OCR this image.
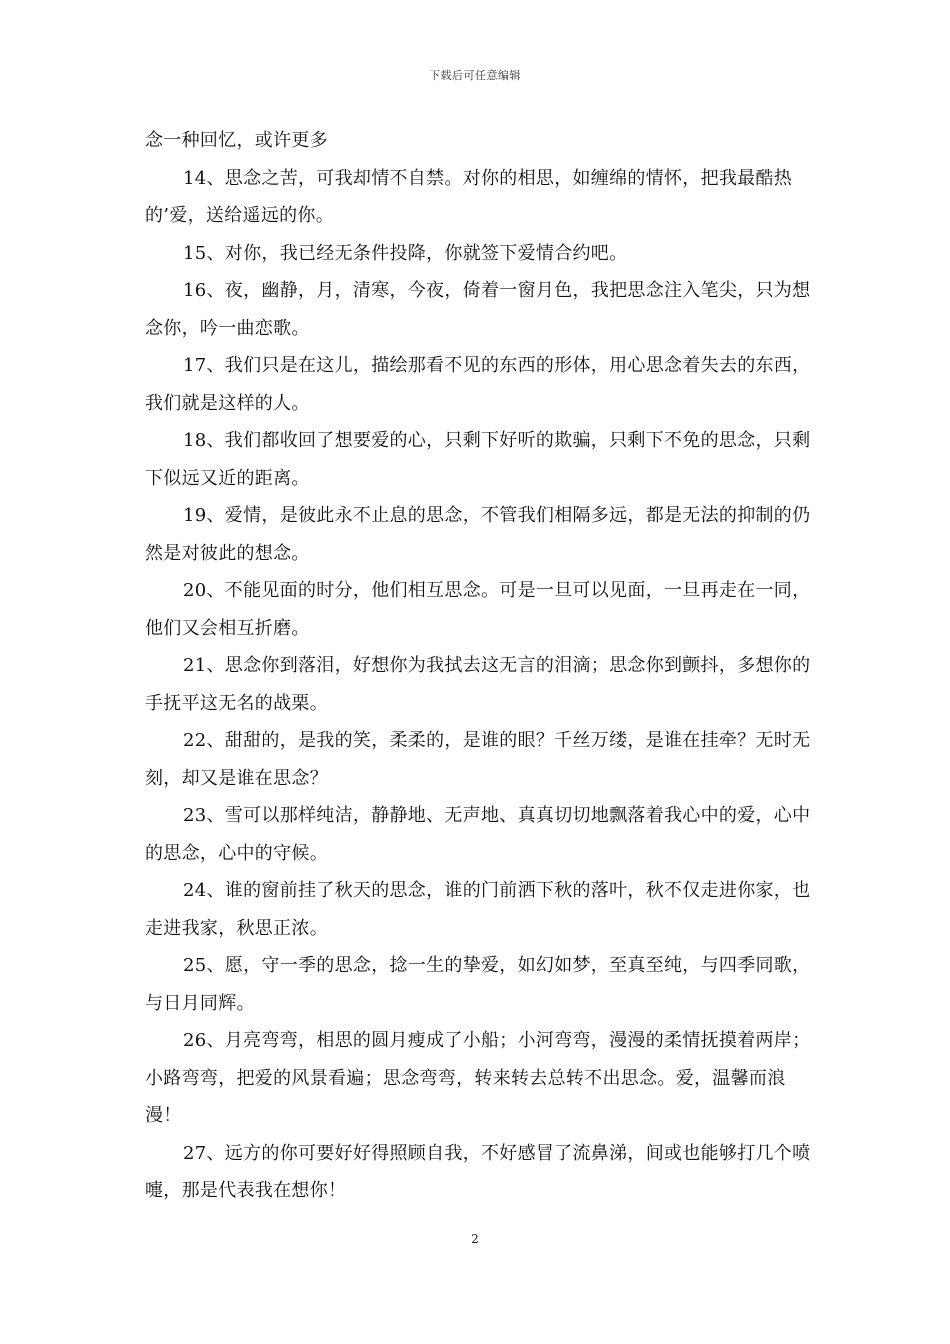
下载后可任意编辑

念一种回忆，或许更多

14、思念之苦，可我却情不自禁。对你的相思，如缠绵的情怀，把我最酷热的’爱，送给遥远的你。

15、对你，我已经无条件投降，你就签下爱情合约吧。

16、夜，幽静，月，清寒，今夜，倚着一窗月色，我把思念注入笔尖，只为想念你，吟一曲恋歌。

17、我们只是在这儿，描绘那看不见的东西的形体，用心思念着失去的东西，我们就是这样的人。

18、我们都收回了想要爱的心，只剩下好听的欺骗，只剩下不免的思念，只剩下似远又近的距离。

19、爱情，是彼此永不止息的思念，不管我们相隔多远，都是无法的抑制的仍然是对彼此的想念。

20、不能见面的时分，他们相互思念。可是一旦可以见面，一旦再走在一同，他们又会相互折磨。

21、思念你到落泪，好想你为我拭去这无言的泪滴；思念你到颤抖，多想你的手抚平这无名的战栗。

22、甜甜的，是我的笑，柔柔的，是谁的眼？千丝万缕，是谁在挂牵？无时无刻，却又是谁在思念？

23、雪可以那样纯洁，静静地、无声地、真真切切地飘落着我心中的爱，心中的思念，心中的守候。

24、谁的窗前挂了秋天的思念，谁的门前洒下秋的落叶，秋不仅走进你家，也走进我家，秋思正浓。

25、愿，守一季的思念，捻一生的挚爱，如幻如梦，至真至纯，与四季同歌，与日月同辉。

26、月亮弯弯，相思的圆月瘦成了小船；小河弯弯，漫漫的柔情抚摸着两岸；小路弯弯，把爱的风景看遍；思念弯弯，转来转去总转不出思念。爱，温馨而浪漫！

27、远方的你可要好好得照顾自我，不好感冒了流鼻涕，间或也能够打几个喷嚏，那是代表我在想你！

2
